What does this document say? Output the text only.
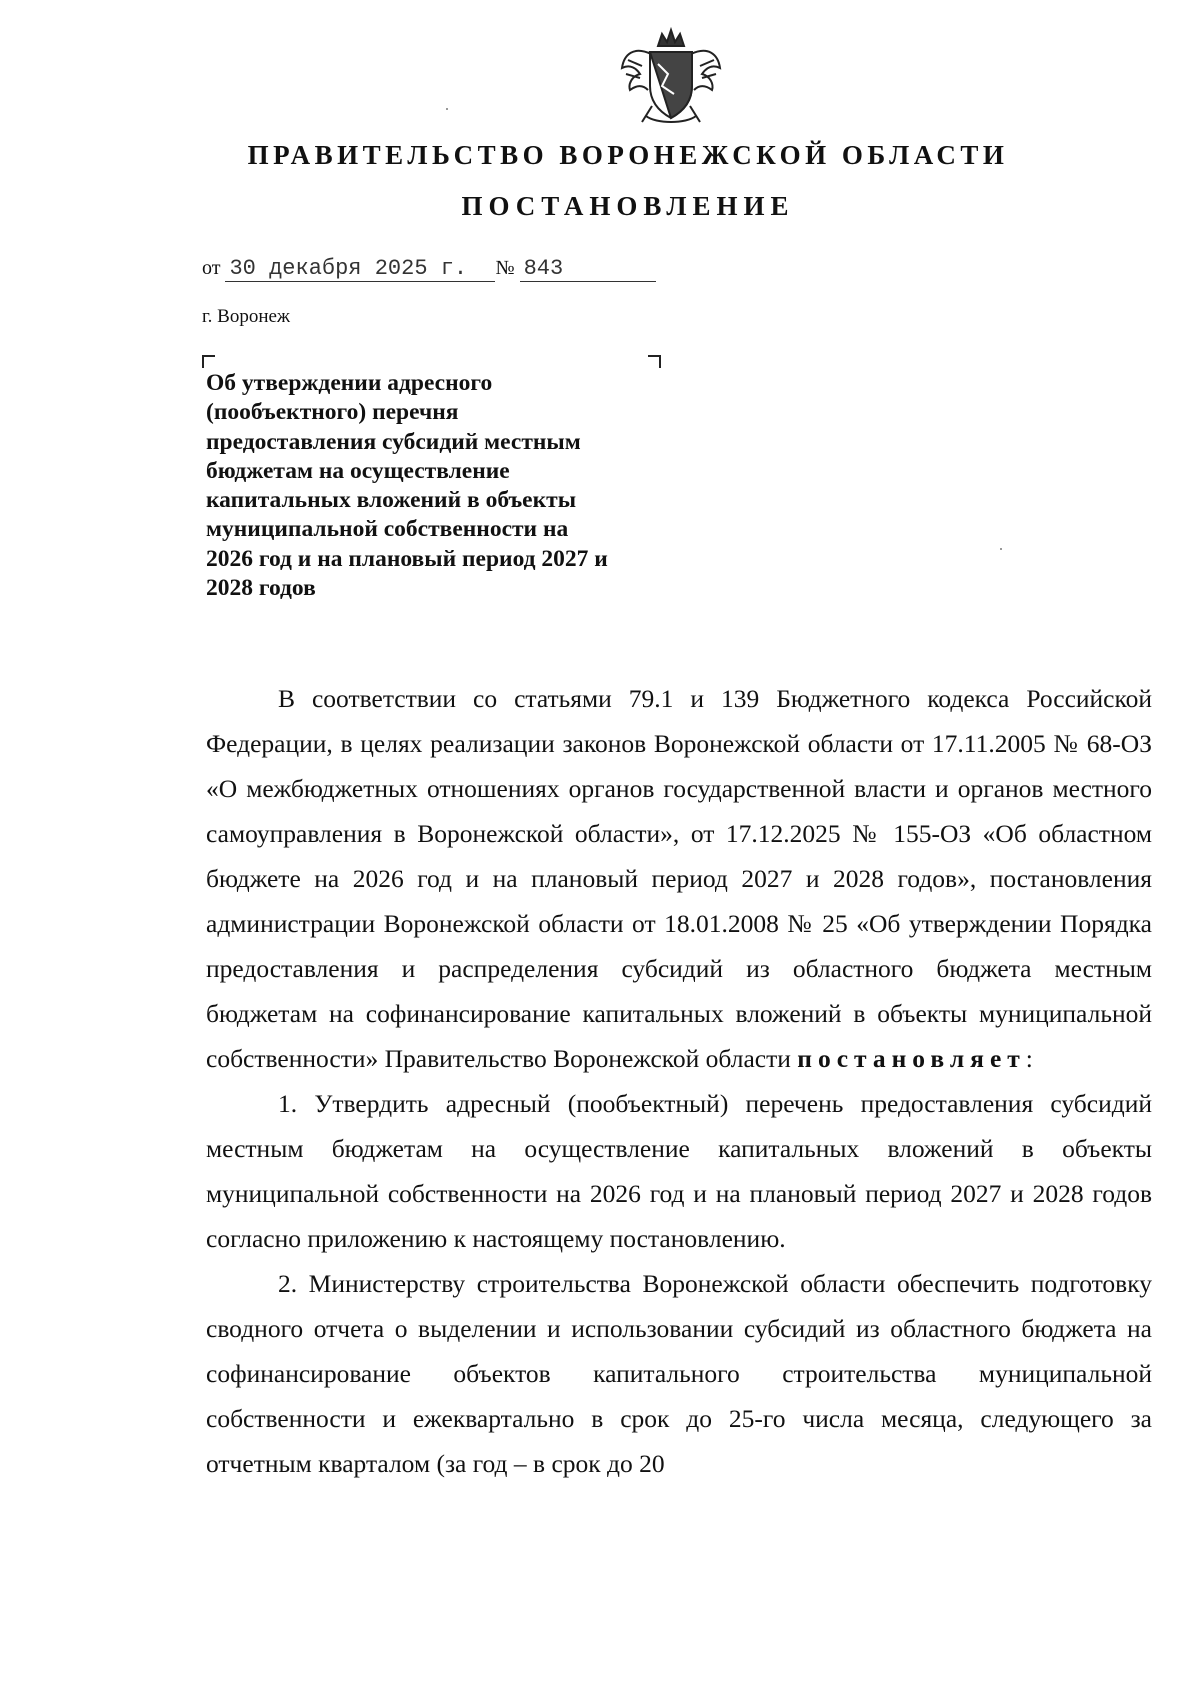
ПРАВИТЕЛЬСТВО ВОРОНЕЖСКОЙ ОБЛАСТИ
ПОСТАНОВЛЕНИЕ
от 30 декабря 2025 г. № 843
г. Воронеж
Об утверждении адресного
(пообъектного) перечня
предоставления субсидий местным
бюджетам на осуществление
капитальных вложений в объекты
муниципальной собственности на
2026 год и на плановый период 2027 и
2028 годов

В соответствии со статьями 79.1 и 139 Бюджетного кодекса Российской Федерации, в целях реализации законов Воронежской области от 17.11.2005 № 68-ОЗ «О межбюджетных отношениях органов государственной власти и органов местного самоуправления в Воронежской области», от 17.12.2025 № 155-ОЗ «Об областном бюджете на 2026 год и на плановый период 2027 и 2028 годов», постановления администрации Воронежской области от 18.01.2008 № 25 «Об утверждении Порядка предоставления и распределения субсидий из областного бюджета местным бюджетам на софинансирование капитальных вложений в объекты муниципальной собственности» Правительство Воронежской области постановляет:

1. Утвердить адресный (пообъектный) перечень предоставления субсидий местным бюджетам на осуществление капитальных вложений в объекты муниципальной собственности на 2026 год и на плановый период 2027 и 2028 годов согласно приложению к настоящему постановлению.

2. Министерству строительства Воронежской области обеспечить подготовку сводного отчета о выделении и использовании субсидий из областного бюджета на софинансирование объектов капитального строительства муниципальной собственности и ежеквартально в срок до 25-го числа месяца, следующего за отчетным кварталом (за год – в срок до 20
